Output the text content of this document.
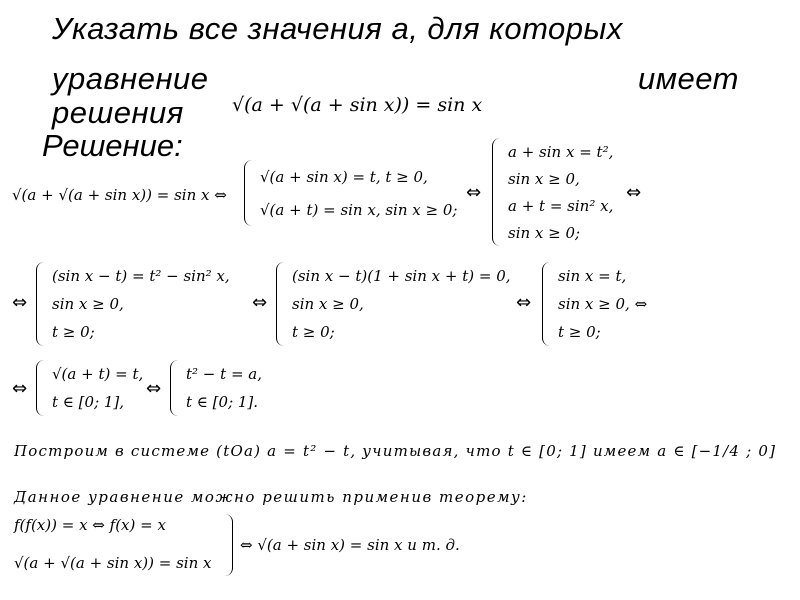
Указать все значения a, для которых
уравнение	имеет
решения	√(a + √(a + sin x)) = sin x
Решение:
√(a + √(a + sin x)) = sin x ⇔
√(a + sin x) = t, t ≥ 0,
√(a + t) = sin x, sin x ≥ 0;
⇔
a + sin x = t²,
sin x ≥ 0,
a + t = sin² x,
sin x ≥ 0;
⇔
⇔
(sin x − t) = t² − sin² x,
sin x ≥ 0,
t ≥ 0;
⇔
(sin x − t)(1 + sin x + t) = 0,
sin x ≥ 0,
t ≥ 0;
⇔
sin x = t,
sin x ≥ 0, ⇔
t ≥ 0;
⇔
√(a + t) = t,
t ∈ [0; 1],
⇔
t² − t = a,
t ∈ [0; 1].
Построим в системе (tOa) a = t² − t, учитывая, что t ∈ [0; 1] имеем a ∈ [−1/4 ; 0]
Данное уравнение можно решить применив теорему:
f(f(x)) = x ⇔ f(x) = x
√(a + √(a + sin x)) = sin x
⇔ √(a + sin x) = sin x и т. д.
